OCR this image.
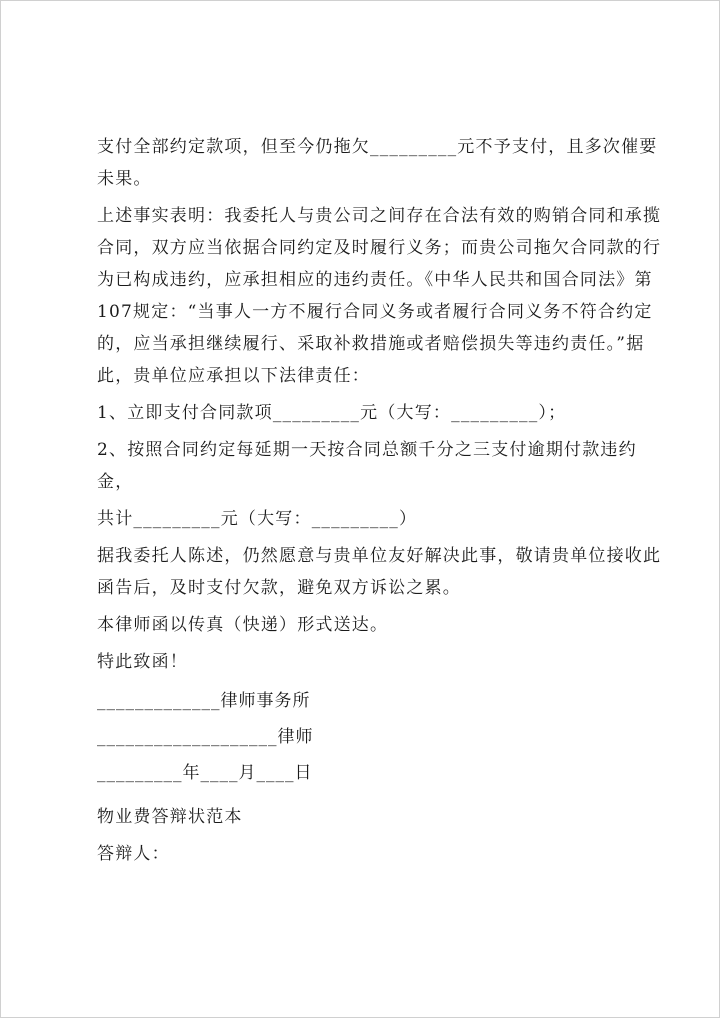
支付全部约定款项，但至今仍拖欠_________元不予支付，且多次催要未果。

上述事实表明：我委托人与贵公司之间存在合法有效的购销合同和承揽合同，双方应当依据合同约定及时履行义务；而贵公司拖欠合同款的行为已构成违约，应承担相应的违约责任。《中华人民共和国合同法》第107规定：“当事人一方不履行合同义务或者履行合同义务不符合约定的，应当承担继续履行、采取补救措施或者赔偿损失等违约责任。”据此，贵单位应承担以下法律责任：

1、立即支付合同款项_________元（大写：_________）；

2、按照合同约定每延期一天按合同总额千分之三支付逾期付款违约金，

共计_________元（大写：_________）

据我委托人陈述，仍然愿意与贵单位友好解决此事，敬请贵单位接收此函告后，及时支付欠款，避免双方诉讼之累。

本律师函以传真（快递）形式送达。

特此致函！

_____________律师事务所

___________________律师

_________年____月____日

物业费答辩状范本

答辩人：
